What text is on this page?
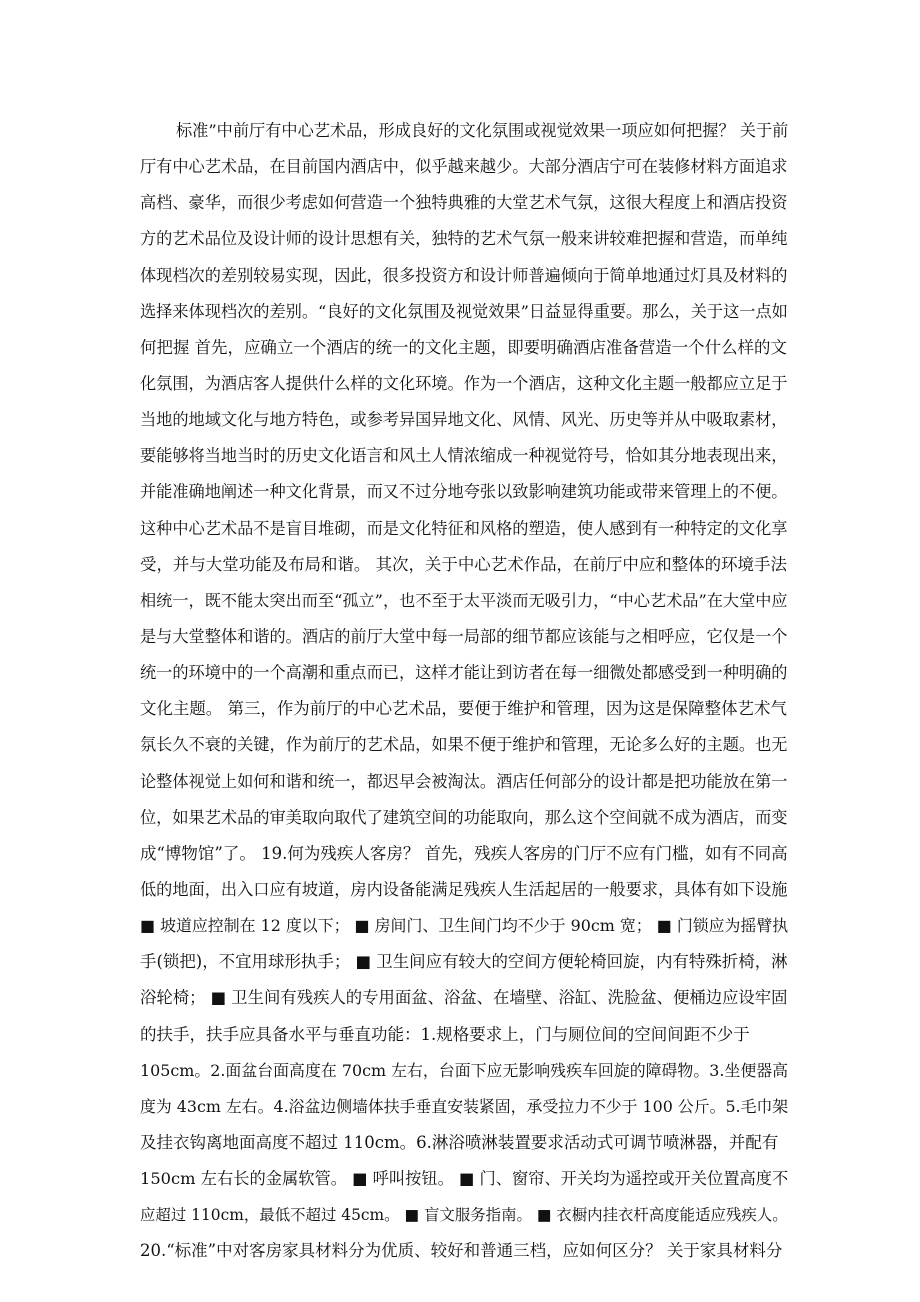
标准”中前厅有中心艺术品，形成良好的文化氛围或视觉效果一项应如何把握？ 关于前
厅有中心艺术品，在目前国内酒店中，似乎越来越少。大部分酒店宁可在装修材料方面追求
高档、豪华，而很少考虑如何营造一个独特典雅的大堂艺术气氛，这很大程度上和酒店投资
方的艺术品位及设计师的设计思想有关，独特的艺术气氛一般来讲较难把握和营造，而单纯
体现档次的差别较易实现，因此，很多投资方和设计师普遍倾向于简单地通过灯具及材料的
选择来体现档次的差别。“良好的文化氛围及视觉效果”日益显得重要。那么，关于这一点如
何把握 首先，应确立一个酒店的统一的文化主题，即要明确酒店准备营造一个什么样的文
化氛围，为酒店客人提供什么样的文化环境。作为一个酒店，这种文化主题一般都应立足于
当地的地域文化与地方特色，或参考异国异地文化、风情、风光、历史等并从中吸取素材，
要能够将当地当时的历史文化语言和风土人情浓缩成一种视觉符号，恰如其分地表现出来，
并能准确地阐述一种文化背景，而又不过分地夸张以致影响建筑功能或带来管理上的不便。
这种中心艺术品不是盲目堆砌，而是文化特征和风格的塑造，使人感到有一种特定的文化享
受，并与大堂功能及布局和谐。 其次，关于中心艺术作品，在前厅中应和整体的环境手法
相统一，既不能太突出而至“孤立”，也不至于太平淡而无吸引力，“中心艺术品”在大堂中应
是与大堂整体和谐的。酒店的前厅大堂中每一局部的细节都应该能与之相呼应，它仅是一个
统一的环境中的一个高潮和重点而已，这样才能让到访者在每一细微处都感受到一种明确的
文化主题。 第三，作为前厅的中心艺术品，要便于维护和管理，因为这是保障整体艺术气
氛长久不衰的关键，作为前厅的艺术品，如果不便于维护和管理，无论多么好的主题。也无
论整体视觉上如何和谐和统一，都迟早会被淘汰。酒店任何部分的设计都是把功能放在第一
位，如果艺术品的审美取向取代了建筑空间的功能取向，那么这个空间就不成为酒店，而变
成“博物馆”了。 19.何为残疾人客房？ 首先，残疾人客房的门厅不应有门槛，如有不同高
低的地面，出入口应有坡道，房内设备能满足残疾人生活起居的一般要求，具体有如下设施
■ 坡道应控制在 12 度以下； ■ 房间门、卫生间门均不少于 90cm 宽； ■ 门锁应为摇臂执
手(锁把)，不宜用球形执手； ■ 卫生间应有较大的空间方便轮椅回旋，内有特殊折椅，淋
浴轮椅； ■ 卫生间有残疾人的专用面盆、浴盆、在墙壁、浴缸、洗脸盆、便桶边应设牢固
的扶手，扶手应具备水平与垂直功能：1.规格要求上，门与厕位间的空间间距不少于
105cm。2.面盆台面高度在 70cm 左右，台面下应无影响残疾车回旋的障碍物。3.坐便器高
度为 43cm 左右。4.浴盆边侧墙体扶手垂直安装紧固，承受拉力不少于 100 公斤。5.毛巾架
及挂衣钩离地面高度不超过 110cm。6.淋浴喷淋装置要求活动式可调节喷淋器，并配有
150cm 左右长的金属软管。 ■ 呼叫按钮。 ■ 门、窗帘、开关均为遥控或开关位置高度不
应超过 110cm，最低不超过 45cm。 ■ 盲文服务指南。 ■ 衣橱内挂衣杆高度能适应残疾人。
20.“标准”中对客房家具材料分为优质、较好和普通三档，应如何区分？ 关于家具材料分
